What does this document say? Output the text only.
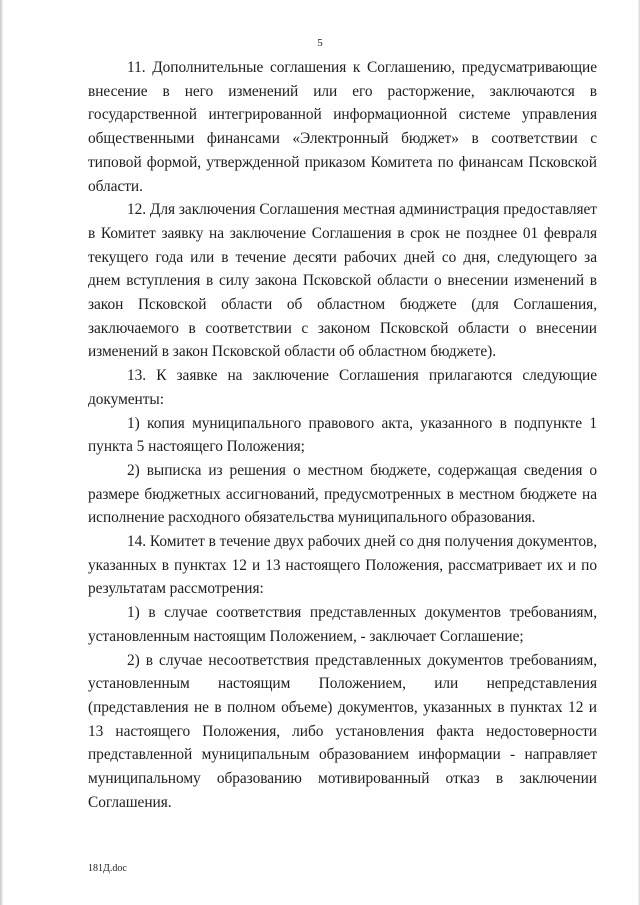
5

11. Дополнительные соглашения к Соглашению, предусматривающие внесение в него изменений или его расторжение, заключаются в государственной интегрированной информационной системе управления общественными финансами «Электронный бюджет» в соответствии с типовой формой, утвержденной приказом Комитета по финансам Псковской области.

12. Для заключения Соглашения местная администрация предоставляет в Комитет заявку на заключение Соглашения в срок не позднее 01 февраля текущего года или в течение десяти рабочих дней со дня, следующего за днем вступления в силу закона Псковской области о внесении изменений в закон Псковской области об областном бюджете (для Соглашения, заключаемого в соответствии с законом Псковской области о внесении изменений в закон Псковской области об областном бюджете).

13. К заявке на заключение Соглашения прилагаются следующие документы:

1) копия муниципального правового акта, указанного в подпункте 1 пункта 5 настоящего Положения;

2) выписка из решения о местном бюджете, содержащая сведения о размере бюджетных ассигнований, предусмотренных в местном бюджете на исполнение расходного обязательства муниципального образования.

14. Комитет в течение двух рабочих дней со дня получения документов, указанных в пунктах 12 и 13 настоящего Положения, рассматривает их и по результатам рассмотрения:

1) в случае соответствия представленных документов требованиям, установленным настоящим Положением, - заключает Соглашение;

2) в случае несоответствия представленных документов требованиям, установленным настоящим Положением, или непредставления (представления не в полном объеме) документов, указанных в пунктах 12 и 13 настоящего Положения, либо установления факта недостоверности представленной муниципальным образованием информации - направляет муниципальному образованию мотивированный отказ в заключении Соглашения.

181Д.doc
